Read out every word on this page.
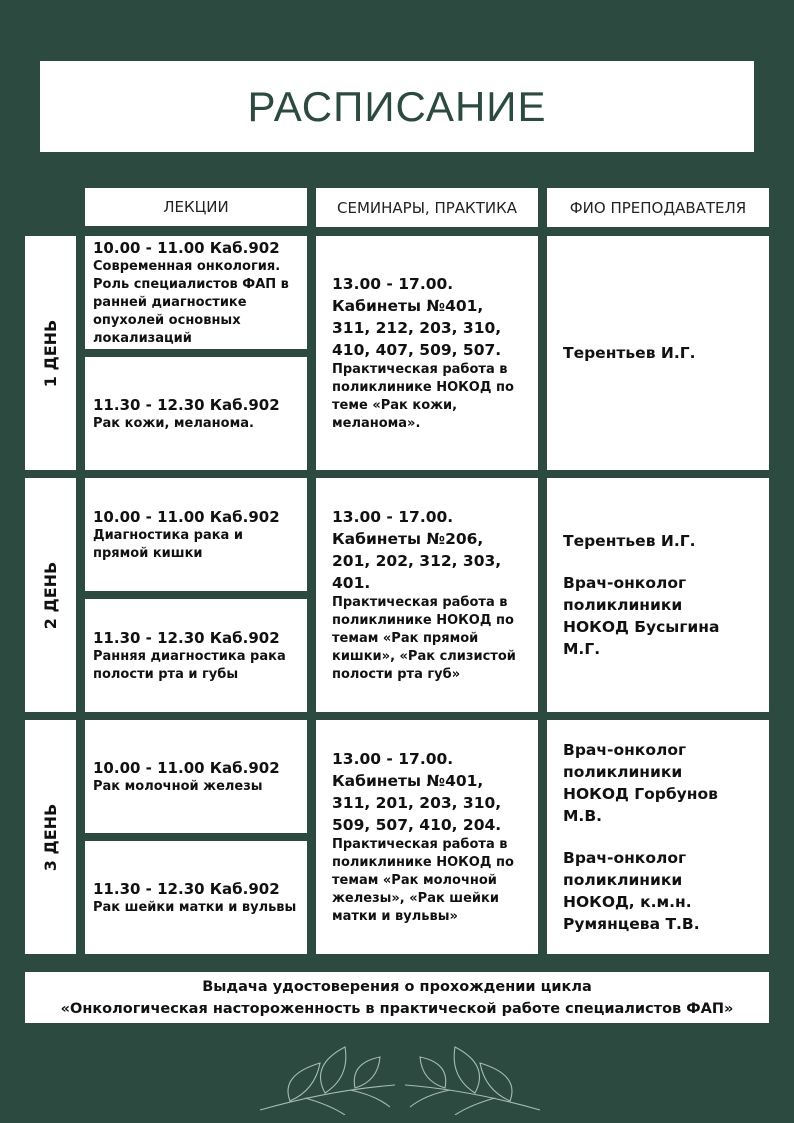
РАСПИСАНИЕ
ЛЕКЦИИ	СЕМИНАРЫ, ПРАКТИКА	ФИО ПРЕПОДАВАТЕЛЯ
1 ДЕНЬ
10.00 - 11.00 Каб.902
Современная онкология. Роль специалистов ФАП в ранней диагностике опухолей основных локализаций
11.30 - 12.30 Каб.902
Рак кожи, меланома.
13.00 - 17.00.
Кабинеты №401, 311, 212, 203, 310, 410, 407, 509, 507.
Практическая работа в поликлинике НОКОД по теме «Рак кожи, меланома».
Терентьев И.Г.
2 ДЕНЬ
10.00 - 11.00 Каб.902
Диагностика рака и прямой кишки
11.30 - 12.30 Каб.902
Ранняя диагностика рака полости рта и губы
13.00 - 17.00.
Кабинеты №206, 201, 202, 312, 303, 401.
Практическая работа в поликлинике НОКОД по темам «Рак прямой кишки», «Рак слизистой полости рта губ»
Терентьев И.Г.
Врач-онколог поликлиники НОКОД Бусыгина М.Г.
3 ДЕНЬ
10.00 - 11.00 Каб.902
Рак молочной железы
11.30 - 12.30 Каб.902
Рак шейки матки и вульвы
13.00 - 17.00.
Кабинеты №401, 311, 201, 203, 310, 509, 507, 410, 204.
Практическая работа в поликлинике НОКОД по темам «Рак молочной железы», «Рак шейки матки и вульвы»
Врач-онколог поликлиники НОКОД Горбунов М.В.
Врач-онколог поликлиники НОКОД, к.м.н. Румянцева Т.В.
Выдача удостоверения о прохождении цикла
«Онкологическая настороженность в практической работе специалистов ФАП»
